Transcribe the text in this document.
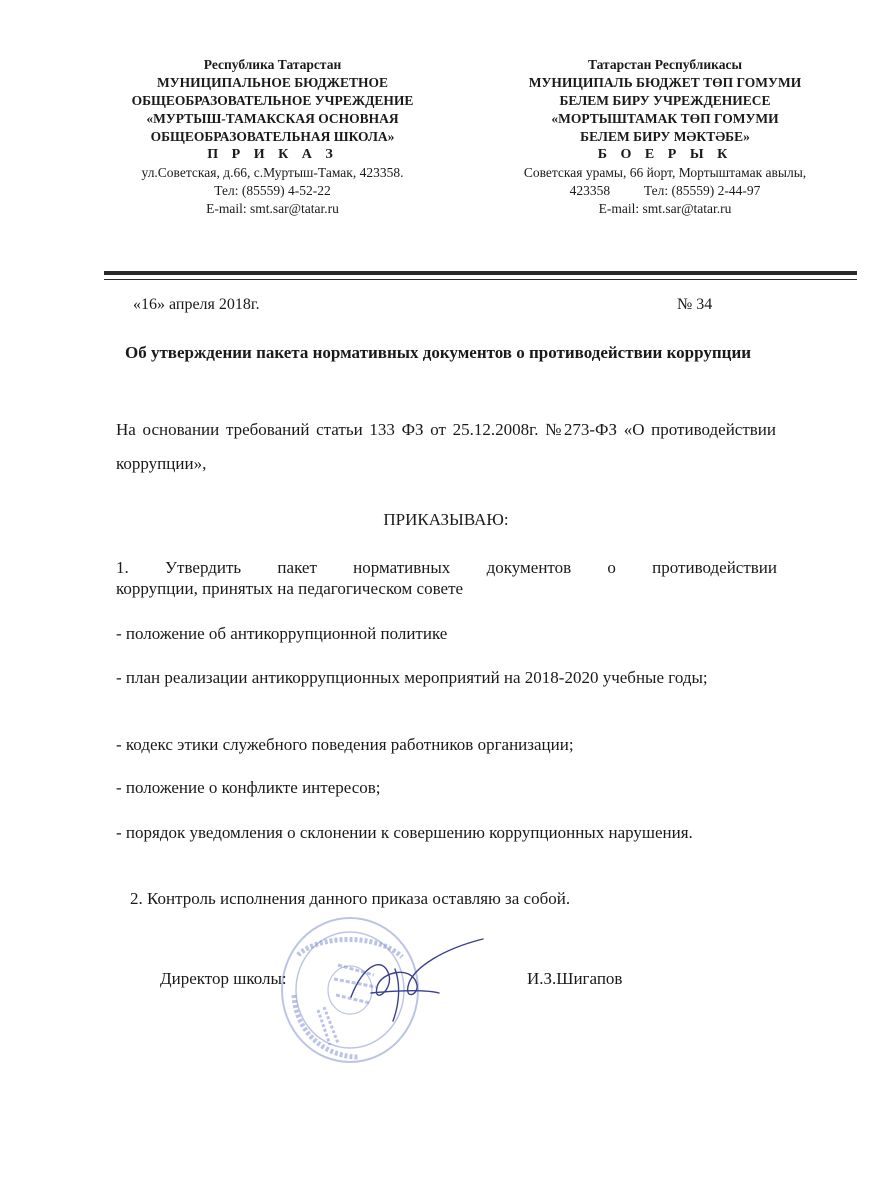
Республика Татарстан
МУНИЦИПАЛЬНОЕ БЮДЖЕТНОЕ
ОБЩЕОБРАЗОВАТЕЛЬНОЕ УЧРЕЖДЕНИЕ
«МУРТЫШ-ТАМАКСКАЯ ОСНОВНАЯ
ОБЩЕОБРАЗОВАТЕЛЬНАЯ ШКОЛА»
П Р И К А З
ул.Советская, д.66, с.Муртыш-Тамак, 423358.
Тел: (85559) 4-52-22
E-mail: smt.sar@tatar.ru
Татарстан Республикасы
МУНИЦИПАЛЬ БЮДЖЕТ ТӨП ГОМУМИ
БЕЛЕМ БИРУ УЧРЕЖДЕНИЕСЕ
«МОРТЫШТАМАК ТӨП ГОМУМИ
БЕЛЕМ БИРУ МӘКТӘБЕ»
Б О Е Р Ы К
Советская урамы, 66 йорт, Мортыштамак авылы,
423358          Тел: (85559) 2-44-97
E-mail: smt.sar@tatar.ru
«16» апреля 2018г.	№ 34
Об утверждении пакета нормативных документов о противодействии коррупции
На основании требований статьи 133 ФЗ от 25.12.2008г. №273-ФЗ «О противодействии коррупции»,
ПРИКАЗЫВАЮ:
1. Утвердить пакет нормативных документов о противодействии
коррупции, принятых на педагогическом совете
- положение об антикоррупционной политике
- план реализации антикоррупционных мероприятий на 2018-2020 учебные годы;
- кодекс этики служебного поведения работников организации;
- положение о конфликте интересов;
- порядок уведомления о склонении к совершению коррупционных нарушения.
2. Контроль исполнения данного приказа оставляю за собой.
Директор школы:	И.З.Шигапов
